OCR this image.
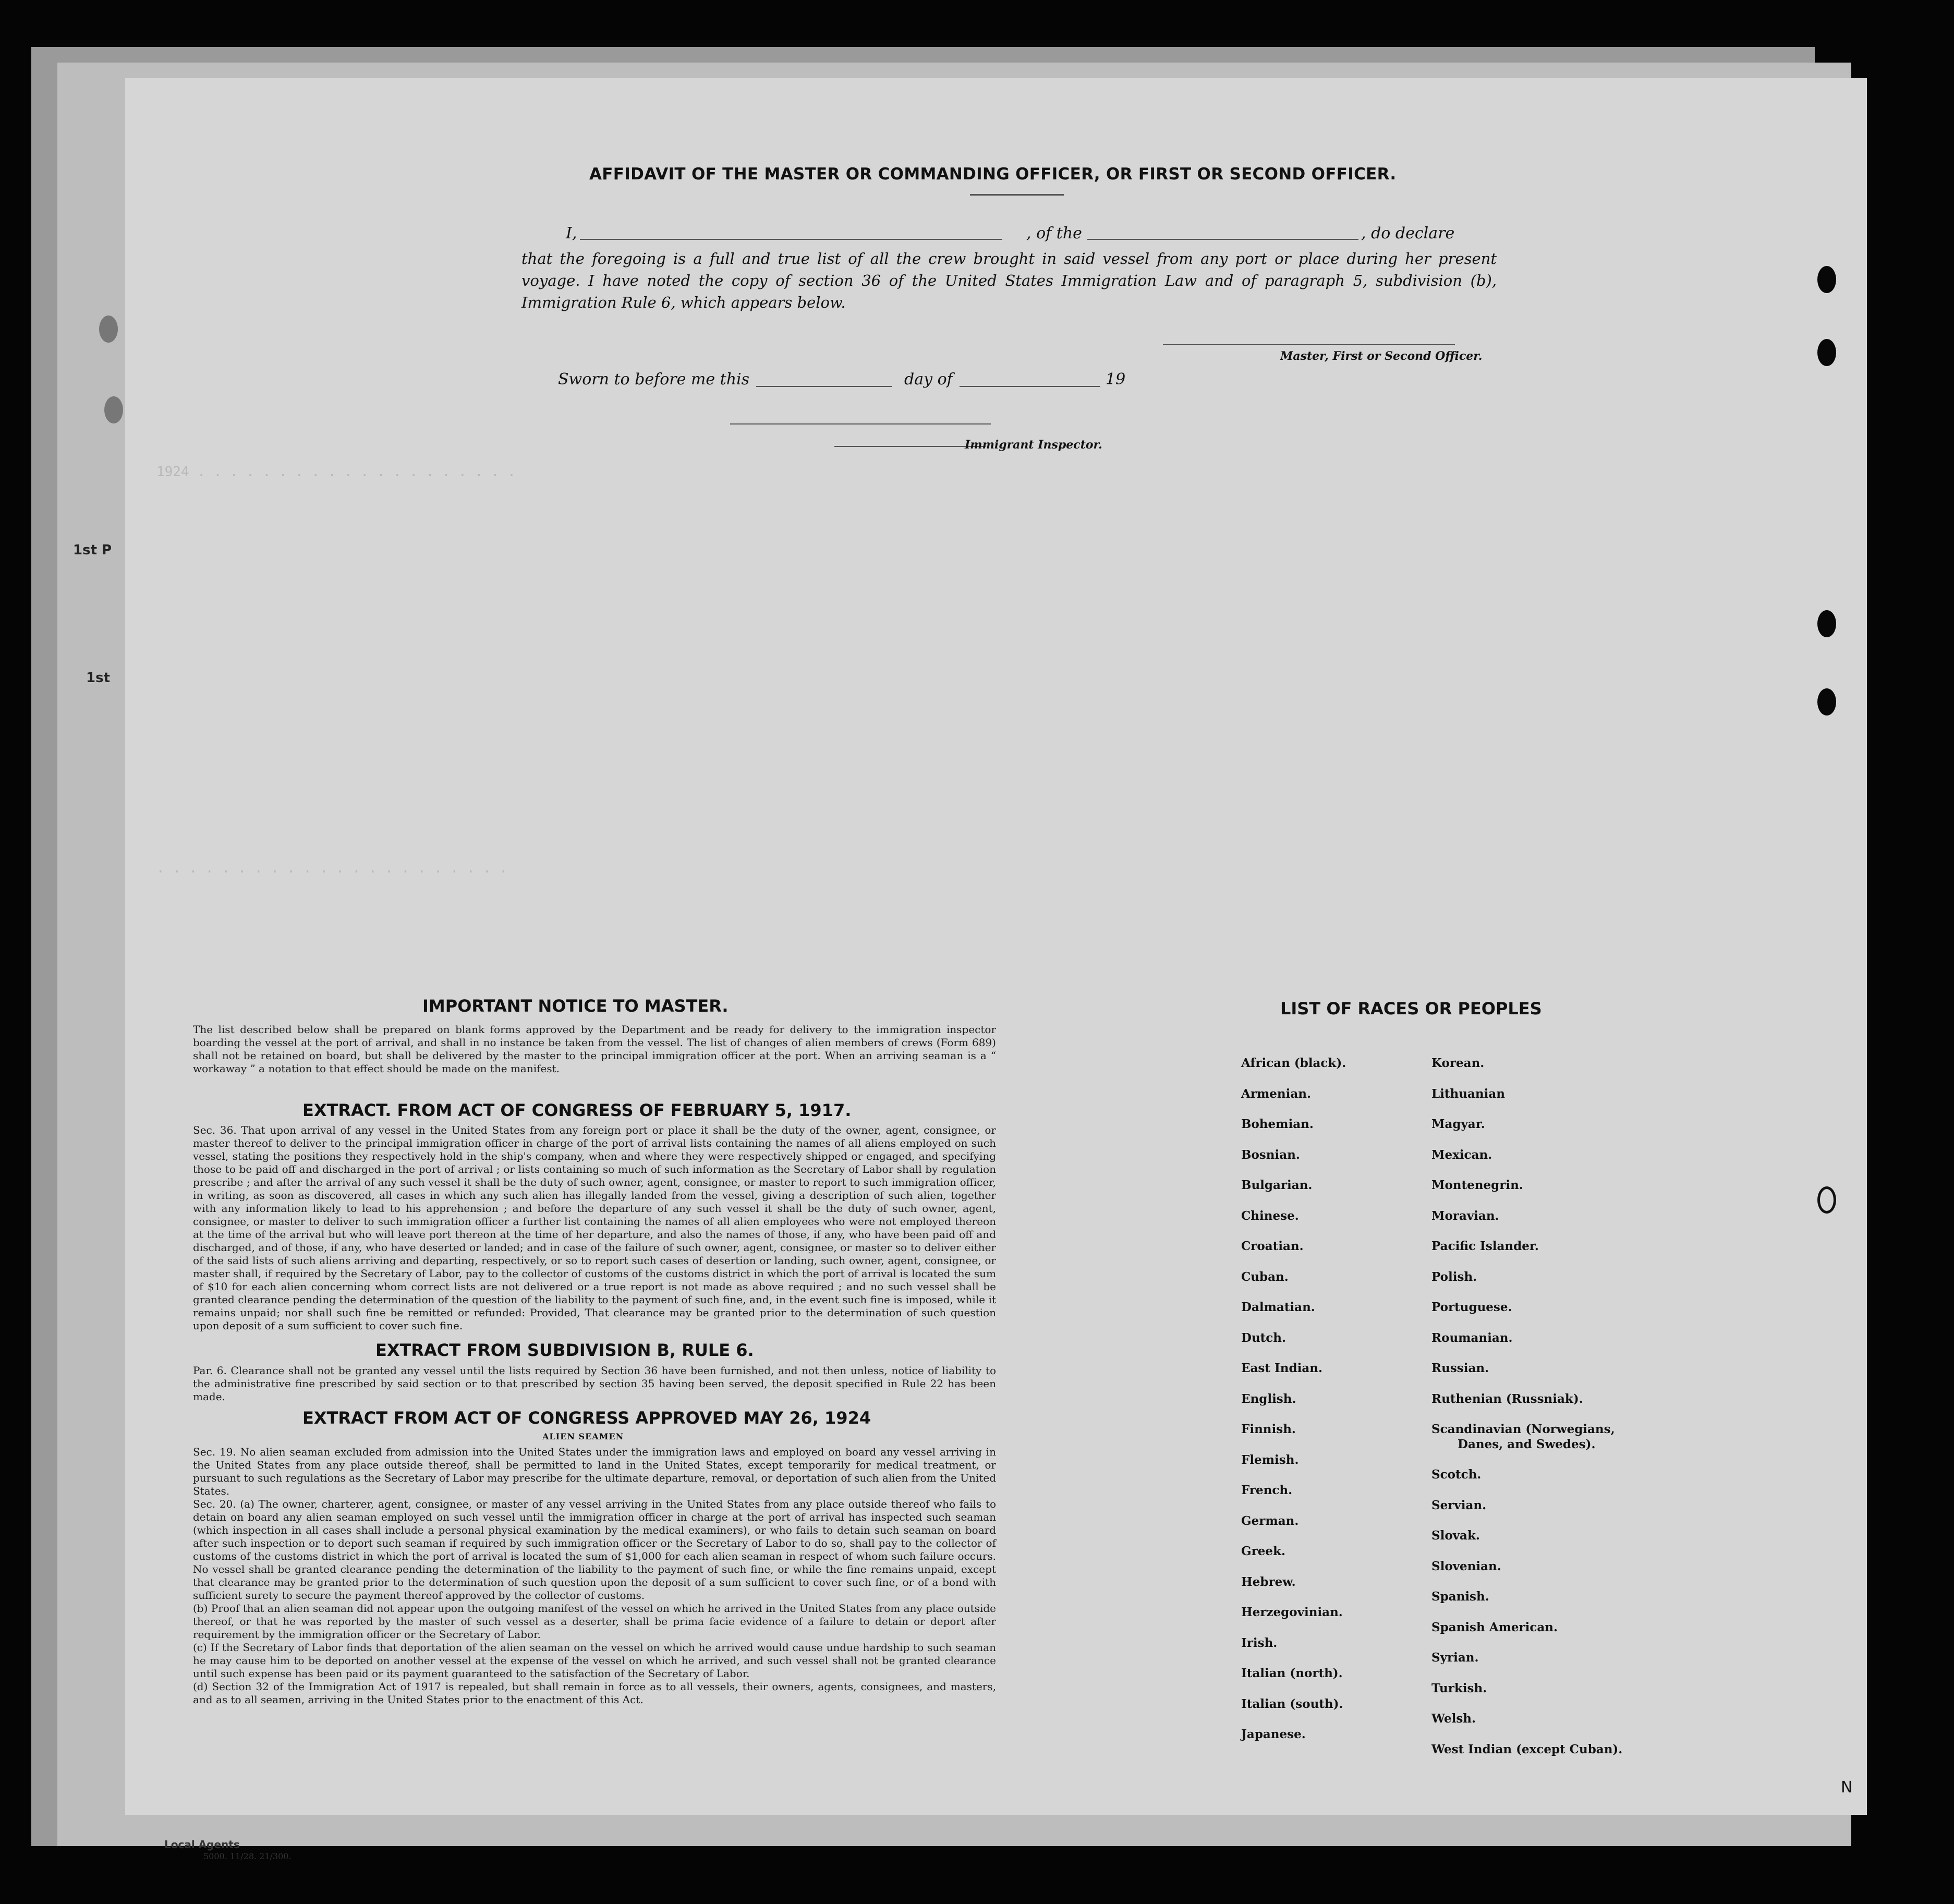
1st P
1st
Local Agents
5000. 11/28. 21/300.
1924 . . . . . . . . . . . . . . . . . . . .
. . . . . . . . . . . . . . . . . . . . . .
AFFIDAVIT OF THE MASTER OR COMMANDING OFFICER, OR FIRST OR SECOND OFFICER.
I,	, of the	, do declare
that the foregoing is a full and true list of all the crew brought in said vessel from any port or place during her present voyage. I have noted the copy of section 36 of the United States Immigration Law and of paragraph 5, subdivision (b), Immigration Rule 6, which appears below.
Master, First or Second Officer.
Sworn to before me this	day of	19
Immigrant Inspector.
IMPORTANT NOTICE TO MASTER.
The list described below shall be prepared on blank forms approved by the Department and be ready for delivery to the immigration inspector boarding the vessel at the port of arrival, and shall in no instance be taken from the vessel. The list of changes of alien members of crews (Form 689) shall not be retained on board, but shall be delivered by the master to the principal immigration officer at the port. When an arriving seaman is a “ workaway ” a notation to that effect should be made on the manifest.
EXTRACT. FROM ACT OF CONGRESS OF FEBRUARY 5, 1917.
Sec. 36. That upon arrival of any vessel in the United States from any foreign port or place it shall be the duty of the owner, agent, consignee, or master thereof to deliver to the principal immigration officer in charge of the port of arrival lists containing the names of all aliens employed on such vessel, stating the positions they respectively hold in the ship's company, when and where they were respectively shipped or engaged, and specifying those to be paid off and discharged in the port of arrival ; or lists containing so much of such information as the Secretary of Labor shall by regulation prescribe ; and after the arrival of any such vessel it shall be the duty of such owner, agent, consignee, or master to report to such immigration officer, in writing, as soon as discovered, all cases in which any such alien has illegally landed from the vessel, giving a description of such alien, together with any information likely to lead to his apprehension ; and before the departure of any such vessel it shall be the duty of such owner, agent, consignee, or master to deliver to such immigration officer a further list containing the names of all alien employees who were not employed thereon at the time of the arrival but who will leave port thereon at the time of her departure, and also the names of those, if any, who have been paid off and discharged, and of those, if any, who have deserted or landed; and in case of the failure of such owner, agent, consignee, or master so to deliver either of the said lists of such aliens arriving and departing, respectively, or so to report such cases of desertion or landing, such owner, agent, consignee, or master shall, if required by the Secretary of Labor, pay to the collector of customs of the customs district in which the port of arrival is located the sum of $10 for each alien concerning whom correct lists are not delivered or a true report is not made as above required ; and no such vessel shall be granted clearance pending the determination of the question of the liability to the payment of such fine, and, in the event such fine is imposed, while it remains unpaid; nor shall such fine be remitted or refunded: Provided, That clearance may be granted prior to the determination of such question upon deposit of a sum sufficient to cover such fine.
EXTRACT FROM SUBDIVISION B, RULE 6.
Par. 6. Clearance shall not be granted any vessel until the lists required by Section 36 have been furnished, and not then unless, notice of liability to the administrative fine prescribed by said section or to that prescribed by section 35 having been served, the deposit specified in Rule 22 has been made.
EXTRACT FROM ACT OF CONGRESS APPROVED MAY 26, 1924
ALIEN SEAMEN
Sec. 19. No alien seaman excluded from admission into the United States under the immigration laws and employed on board any vessel arriving in the United States from any place outside thereof, shall be permitted to land in the United States, except temporarily for medical treatment, or pursuant to such regulations as the Secretary of Labor may prescribe for the ultimate departure, removal, or deportation of such alien from the United States.
Sec. 20. (a) The owner, charterer, agent, consignee, or master of any vessel arriving in the United States from any place outside thereof who fails to detain on board any alien seaman employed on such vessel until the immigration officer in charge at the port of arrival has inspected such seaman (which inspection in all cases shall include a personal physical examination by the medical examiners), or who fails to detain such seaman on board after such inspection or to deport such seaman if required by such immigration officer or the Secretary of Labor to do so, shall pay to the collector of customs of the customs district in which the port of arrival is located the sum of $1,000 for each alien seaman in respect of whom such failure occurs. No vessel shall be granted clearance pending the determination of the liability to the payment of such fine, or while the fine remains unpaid, except that clearance may be granted prior to the determination of such question upon the deposit of a sum sufficient to cover such fine, or of a bond with sufficient surety to secure the payment thereof approved by the collector of customs.
(b) Proof that an alien seaman did not appear upon the outgoing manifest of the vessel on which he arrived in the United States from any place outside thereof, or that he was reported by the master of such vessel as a deserter, shall be prima facie evidence of a failure to detain or deport after requirement by the immigration officer or the Secretary of Labor.
(c) If the Secretary of Labor finds that deportation of the alien seaman on the vessel on which he arrived would cause undue hardship to such seaman he may cause him to be deported on another vessel at the expense of the vessel on which he arrived, and such vessel shall not be granted clearance until such expense has been paid or its payment guaranteed to the satisfaction of the Secretary of Labor.
(d) Section 32 of the Immigration Act of 1917 is repealed, but shall remain in force as to all vessels, their owners, agents, consignees, and masters, and as to all seamen, arriving in the United States prior to the enactment of this Act.
LIST OF RACES OR PEOPLES
African (black).
Armenian.
Bohemian.
Bosnian.
Bulgarian.
Chinese.
Croatian.
Cuban.
Dalmatian.
Dutch.
East Indian.
English.
Finnish.
Flemish.
French.
German.
Greek.
Hebrew.
Herzegovinian.
Irish.
Italian (north).
Italian (south).
Japanese.
Korean.
Lithuanian
Magyar.
Mexican.
Montenegrin.
Moravian.
Pacific Islander.
Polish.
Portuguese.
Roumanian.
Russian.
Ruthenian (Russniak).
Scandinavian (Norwegians,
Danes, and Swedes).
Scotch.
Servian.
Slovak.
Slovenian.
Spanish.
Spanish American.
Syrian.
Turkish.
Welsh.
West Indian (except Cuban).
N
